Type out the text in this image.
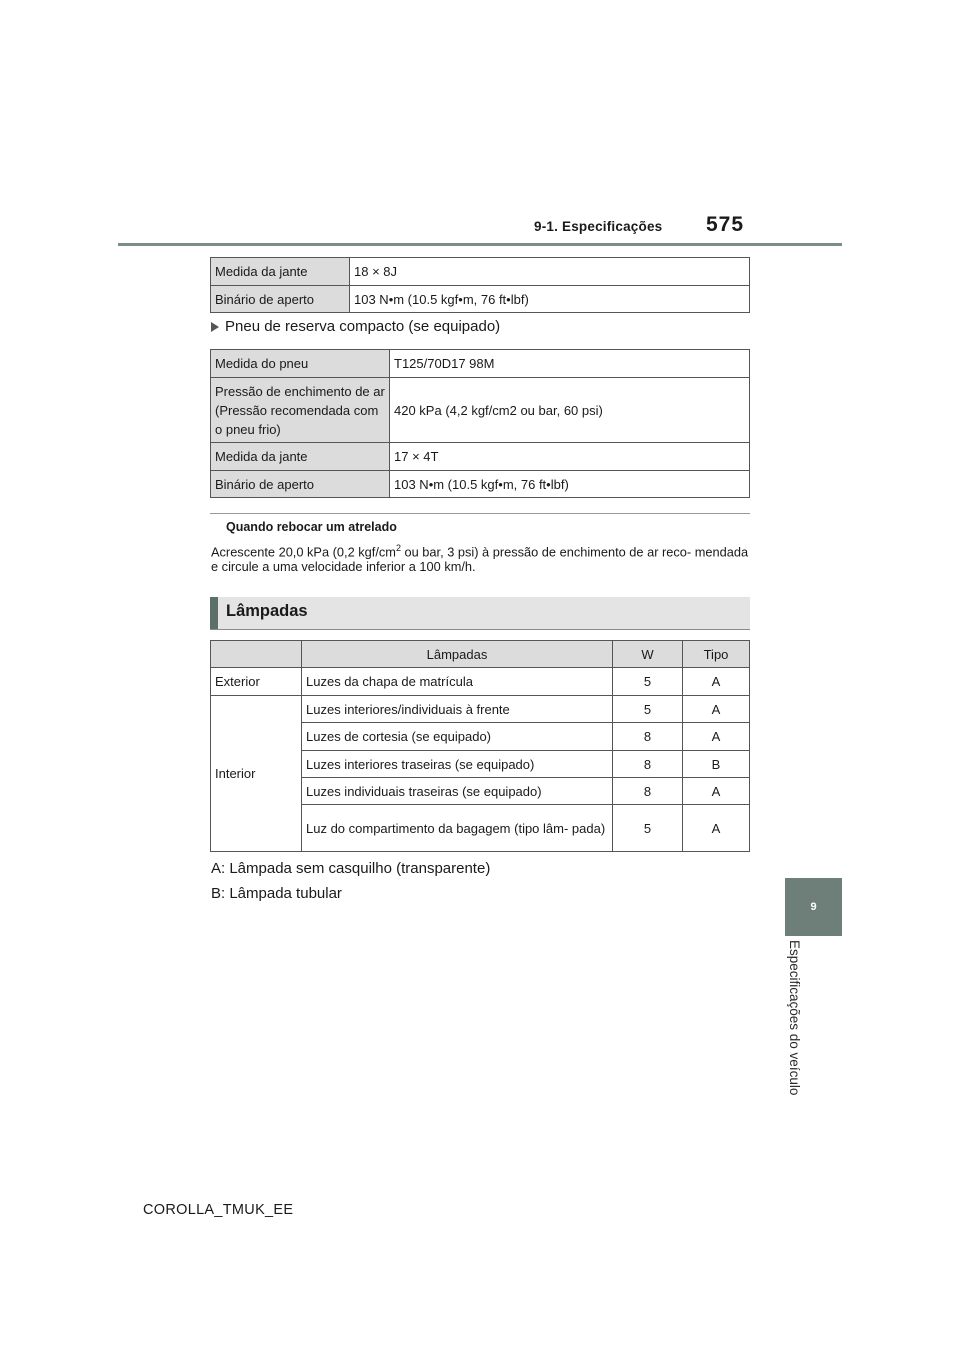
9-1. Especificações 575
9
Especificações do veículo
Medida da jante	18 × 8J
Binário de aperto	103 N•m (10.5 kgf•m, 76 ft•lbf)
Pneu de reserva compacto (se equipado)
Medida do pneu	T125/70D17 98M
Pressão de enchimento de ar (Pressão recomendada com o pneu frio)	420 kPa (4,2 kgf/cm2 ou bar, 60 psi)
Medida da jante	17 × 4T
Binário de aperto	103 N•m (10.5 kgf•m, 76 ft•lbf)
Quando rebocar um atrelado
Acrescente 20,0 kPa (0,2 kgf/$cm^2$ ou bar, 3 psi) à pressão de enchimento de ar reco- mendada e circule a uma velocidade inferior a 100 km/h.
Lâmpadas
	Lâmpadas	W	Tipo
Exterior	Luzes da chapa de matrícula	5	A
Interior	Luzes interiores/individuais à frente	5	A
	Luzes de cortesia (se equipado)	8	A
	Luzes interiores traseiras (se equipado)	8	B
	Luzes individuais traseiras (se equipado)	8	A
	Luz do compartimento da bagagem (tipo lâm- pada)	5	A
A: Lâmpada sem casquilho (transparente)
B: Lâmpada tubular
COROLLA_TMUK_EE
